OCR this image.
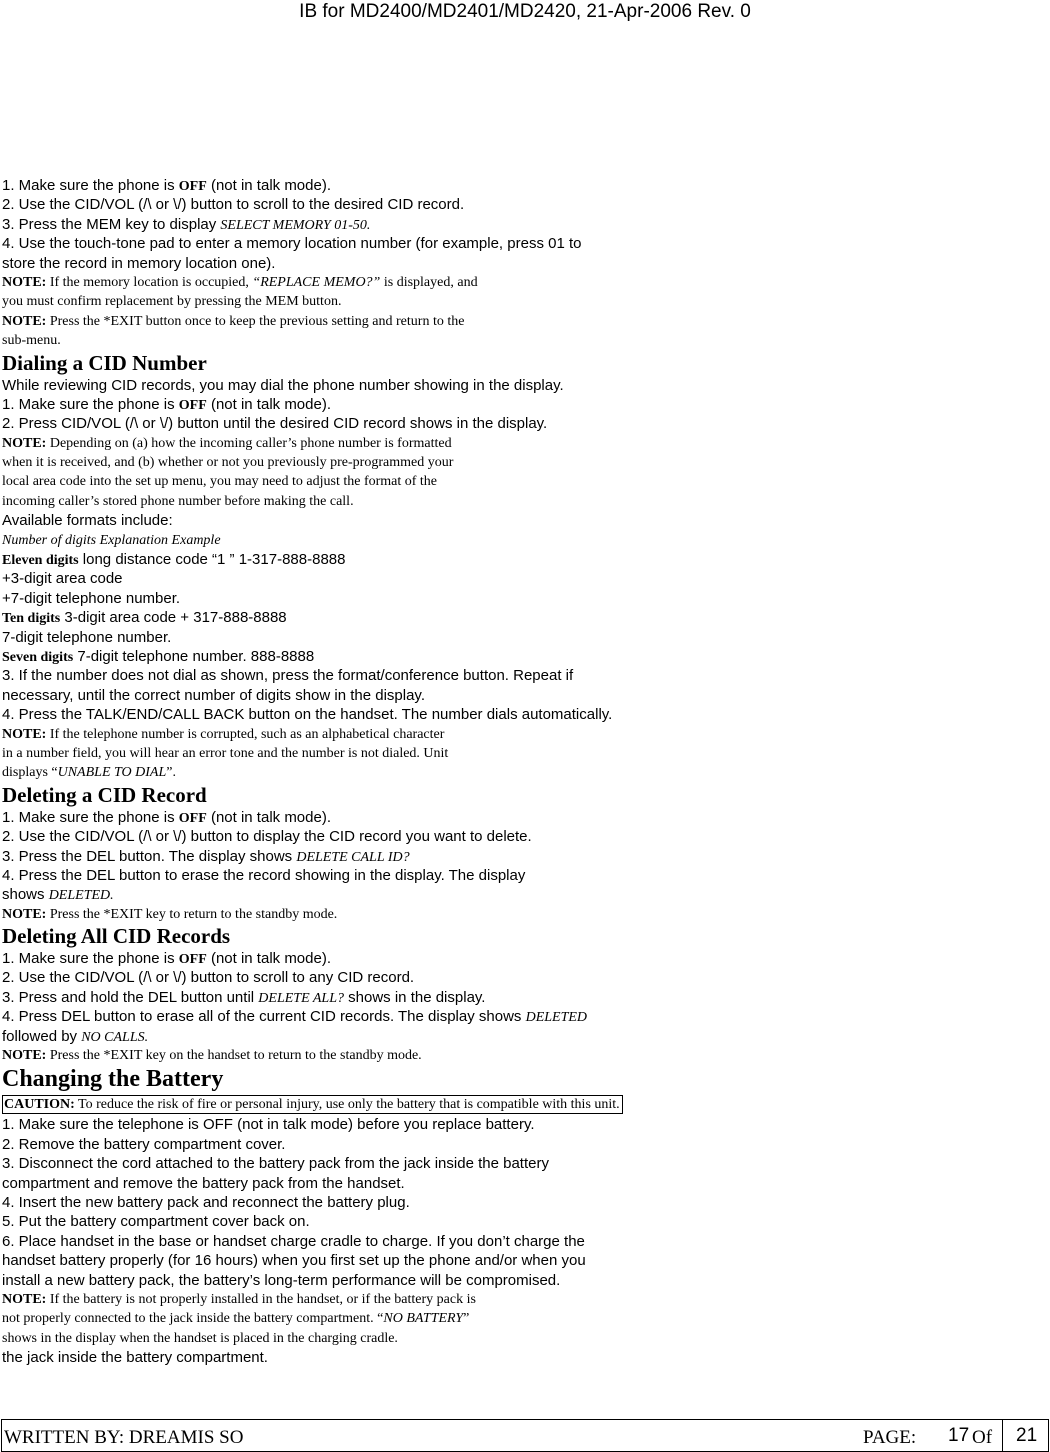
IB for MD2400/MD2401/MD2420, 21-Apr-2006 Rev. 0
1. Make sure the phone is OFF (not in talk mode).
2. Use the CID/VOL (/\ or \/) button to scroll to the desired CID record.
3. Press the MEM key to display SELECT MEMORY 01-50.
4. Use the touch-tone pad to enter a memory location number (for example, press 01 to
store the record in memory location one).
NOTE: If the memory location is occupied, “REPLACE MEMO?” is displayed, and
you must confirm replacement by pressing the MEM button.
NOTE: Press the *EXIT button once to keep the previous setting and return to the
sub-menu.
Dialing a CID Number
While reviewing CID records, you may dial the phone number showing in the display.
1. Make sure the phone is OFF (not in talk mode).
2. Press CID/VOL (/\ or \/) button until the desired CID record shows in the display.
NOTE: Depending on (a) how the incoming caller’s phone number is formatted
when it is received, and (b) whether or not you previously pre-programmed your
local area code into the set up menu, you may need to adjust the format of the
incoming caller’s stored phone number before making the call.
Available formats include:
Number of digits Explanation Example
Eleven digits long distance code “1 ” 1-317-888-8888
+3-digit area code
+7-digit telephone number.
Ten digits 3-digit area code + 317-888-8888
7-digit telephone number.
Seven digits 7-digit telephone number. 888-8888
3. If the number does not dial as shown, press the format/conference button. Repeat if
necessary, until the correct number of digits show in the display.
4. Press the TALK/END/CALL BACK button on the handset. The number dials automatically.
NOTE: If the telephone number is corrupted, such as an alphabetical character
in a number field, you will hear an error tone and the number is not dialed. Unit
displays “UNABLE TO DIAL”.
Deleting a CID Record
1. Make sure the phone is OFF (not in talk mode).
2. Use the CID/VOL (/\ or \/) button to display the CID record you want to delete.
3. Press the DEL button. The display shows DELETE CALL ID?
4. Press the DEL button to erase the record showing in the display. The display
shows DELETED.
NOTE: Press the *EXIT key to return to the standby mode.
Deleting All CID Records
1. Make sure the phone is OFF (not in talk mode).
2. Use the CID/VOL (/\ or \/) button to scroll to any CID record.
3. Press and hold the DEL button until DELETE ALL? shows in the display.
4. Press DEL button to erase all of the current CID records. The display shows DELETED
followed by NO CALLS.
NOTE: Press the *EXIT key on the handset to return to the standby mode.
Changing the Battery
CAUTION: To reduce the risk of fire or personal injury, use only the battery that is compatible with this unit.
1. Make sure the telephone is OFF (not in talk mode) before you replace battery.
2. Remove the battery compartment cover.
3. Disconnect the cord attached to the battery pack from the jack inside the battery
compartment and remove the battery pack from the handset.
4. Insert the new battery pack and reconnect the battery plug.
5. Put the battery compartment cover back on.
6. Place handset in the base or handset charge cradle to charge. If you don’t charge the
handset battery properly (for 16 hours) when you first set up the phone and/or when you
install a new battery pack, the battery’s long-term performance will be compromised.
NOTE: If the battery is not properly installed in the handset, or if the battery pack is
not properly connected to the jack inside the battery compartment. “NO BATTERY”
shows in the display when the handset is placed in the charging cradle.
the jack inside the battery compartment.
WRITTEN BY: DREAMIS SO	PAGE: 17 Of 21
